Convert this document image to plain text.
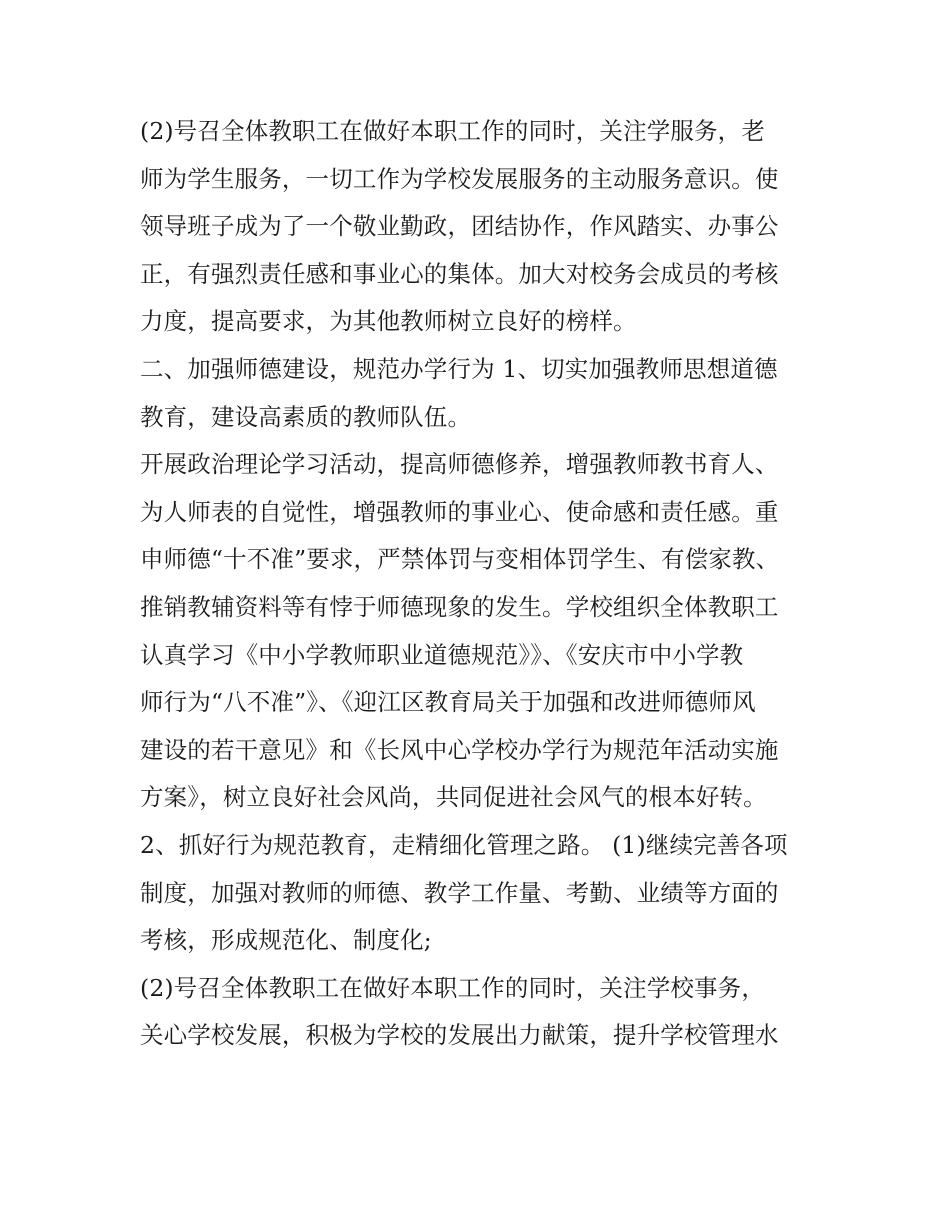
(2)号召全体教职工在做好本职工作的同时，关注学服务，老
师为学生服务，一切工作为学校发展服务的主动服务意识。使
领导班子成为了一个敬业勤政，团结协作，作风踏实、办事公
正，有强烈责任感和事业心的集体。加大对校务会成员的考核
力度，提高要求，为其他教师树立良好的榜样。
二、加强师德建设，规范办学行为 1、切实加强教师思想道德
教育，建设高素质的教师队伍。
开展政治理论学习活动，提高师德修养，增强教师教书育人、
为人师表的自觉性，增强教师的事业心、使命感和责任感。重
申师德“十不准”要求，严禁体罚与变相体罚学生、有偿家教、
推销教辅资料等有悖于师德现象的发生。学校组织全体教职工
认真学习《中小学教师职业道德规范》》、《安庆市中小学教
师行为“八不准”》、《迎江区教育局关于加强和改进师德师风
建设的若干意见》和《长风中心学校办学行为规范年活动实施
方案》，树立良好社会风尚，共同促进社会风气的根本好转。
2、抓好行为规范教育，走精细化管理之路。 (1)继续完善各项
制度，加强对教师的师德、教学工作量、考勤、业绩等方面的
考核，形成规范化、制度化;
(2)号召全体教职工在做好本职工作的同时，关注学校事务，
关心学校发展，积极为学校的发展出力献策，提升学校管理水
